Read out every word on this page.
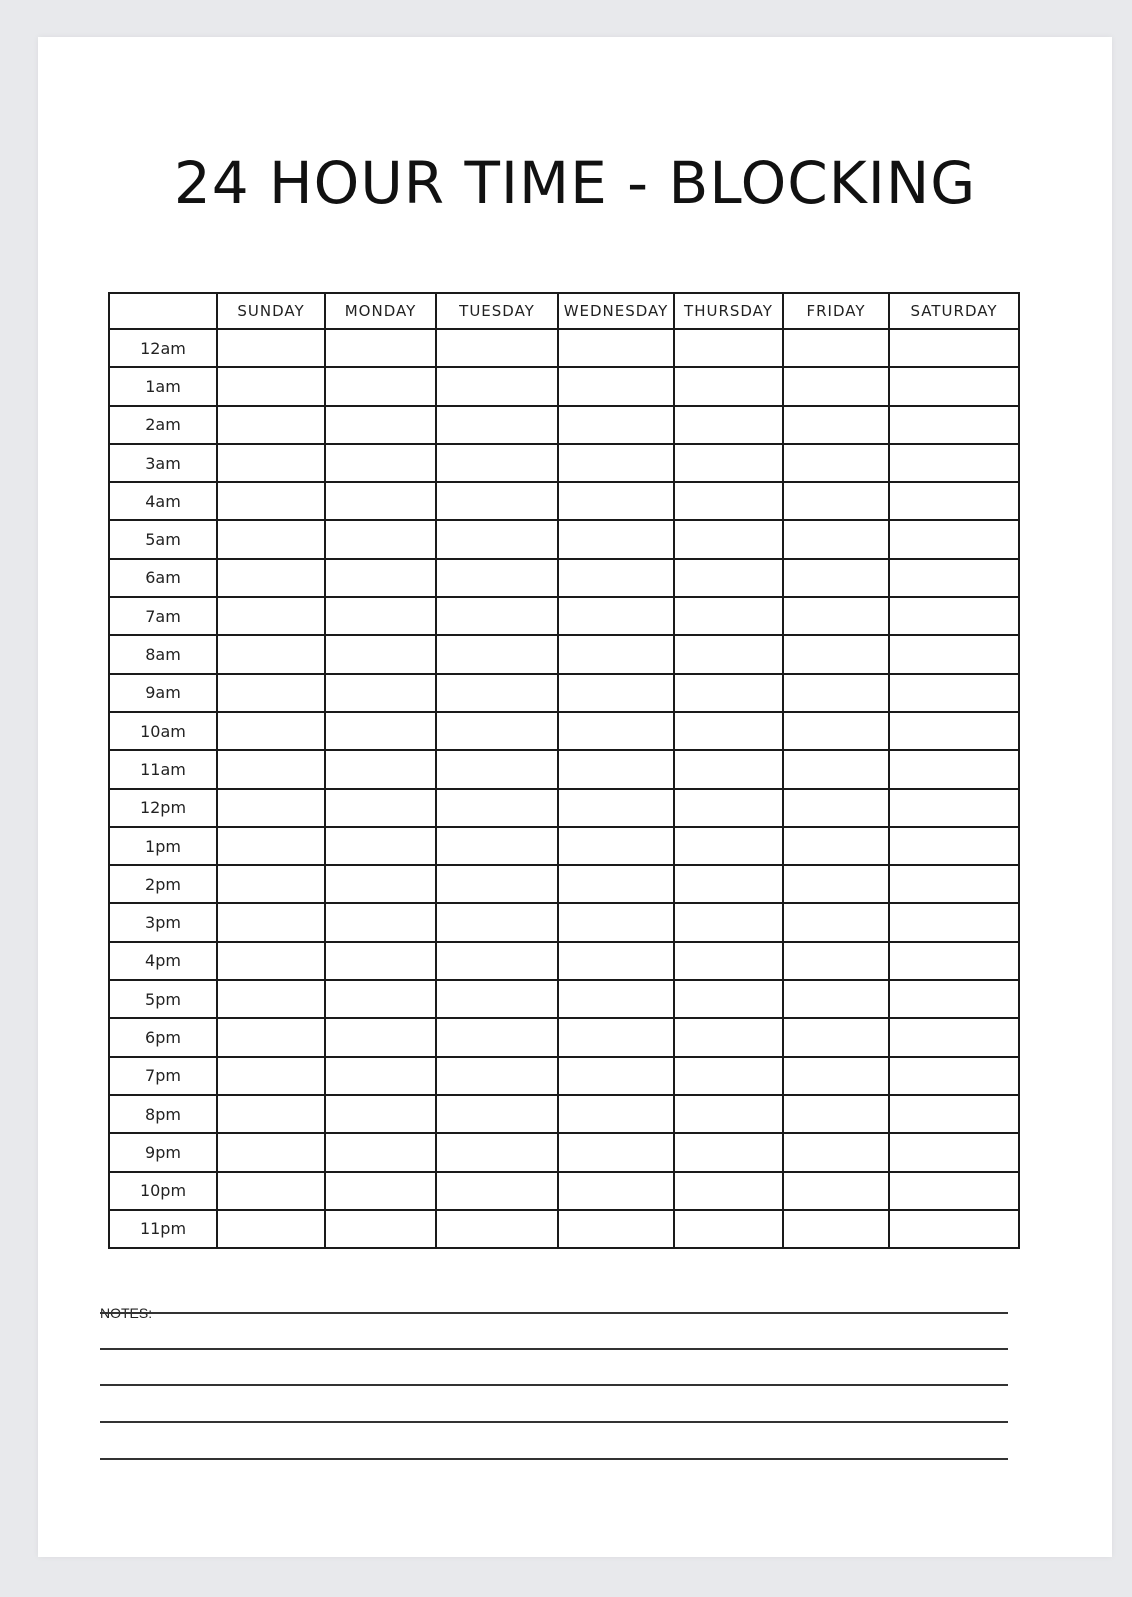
24 HOUR TIME - BLOCKING
	SUNDAY	MONDAY	TUESDAY	WEDNESDAY	THURSDAY	FRIDAY	SATURDAY
12am							
1am							
2am							
3am							
4am							
5am							
6am							
7am							
8am							
9am							
10am							
11am							
12pm							
1pm							
2pm							
3pm							
4pm							
5pm							
6pm							
7pm							
8pm							
9pm							
10pm							
11pm							
NOTES:
